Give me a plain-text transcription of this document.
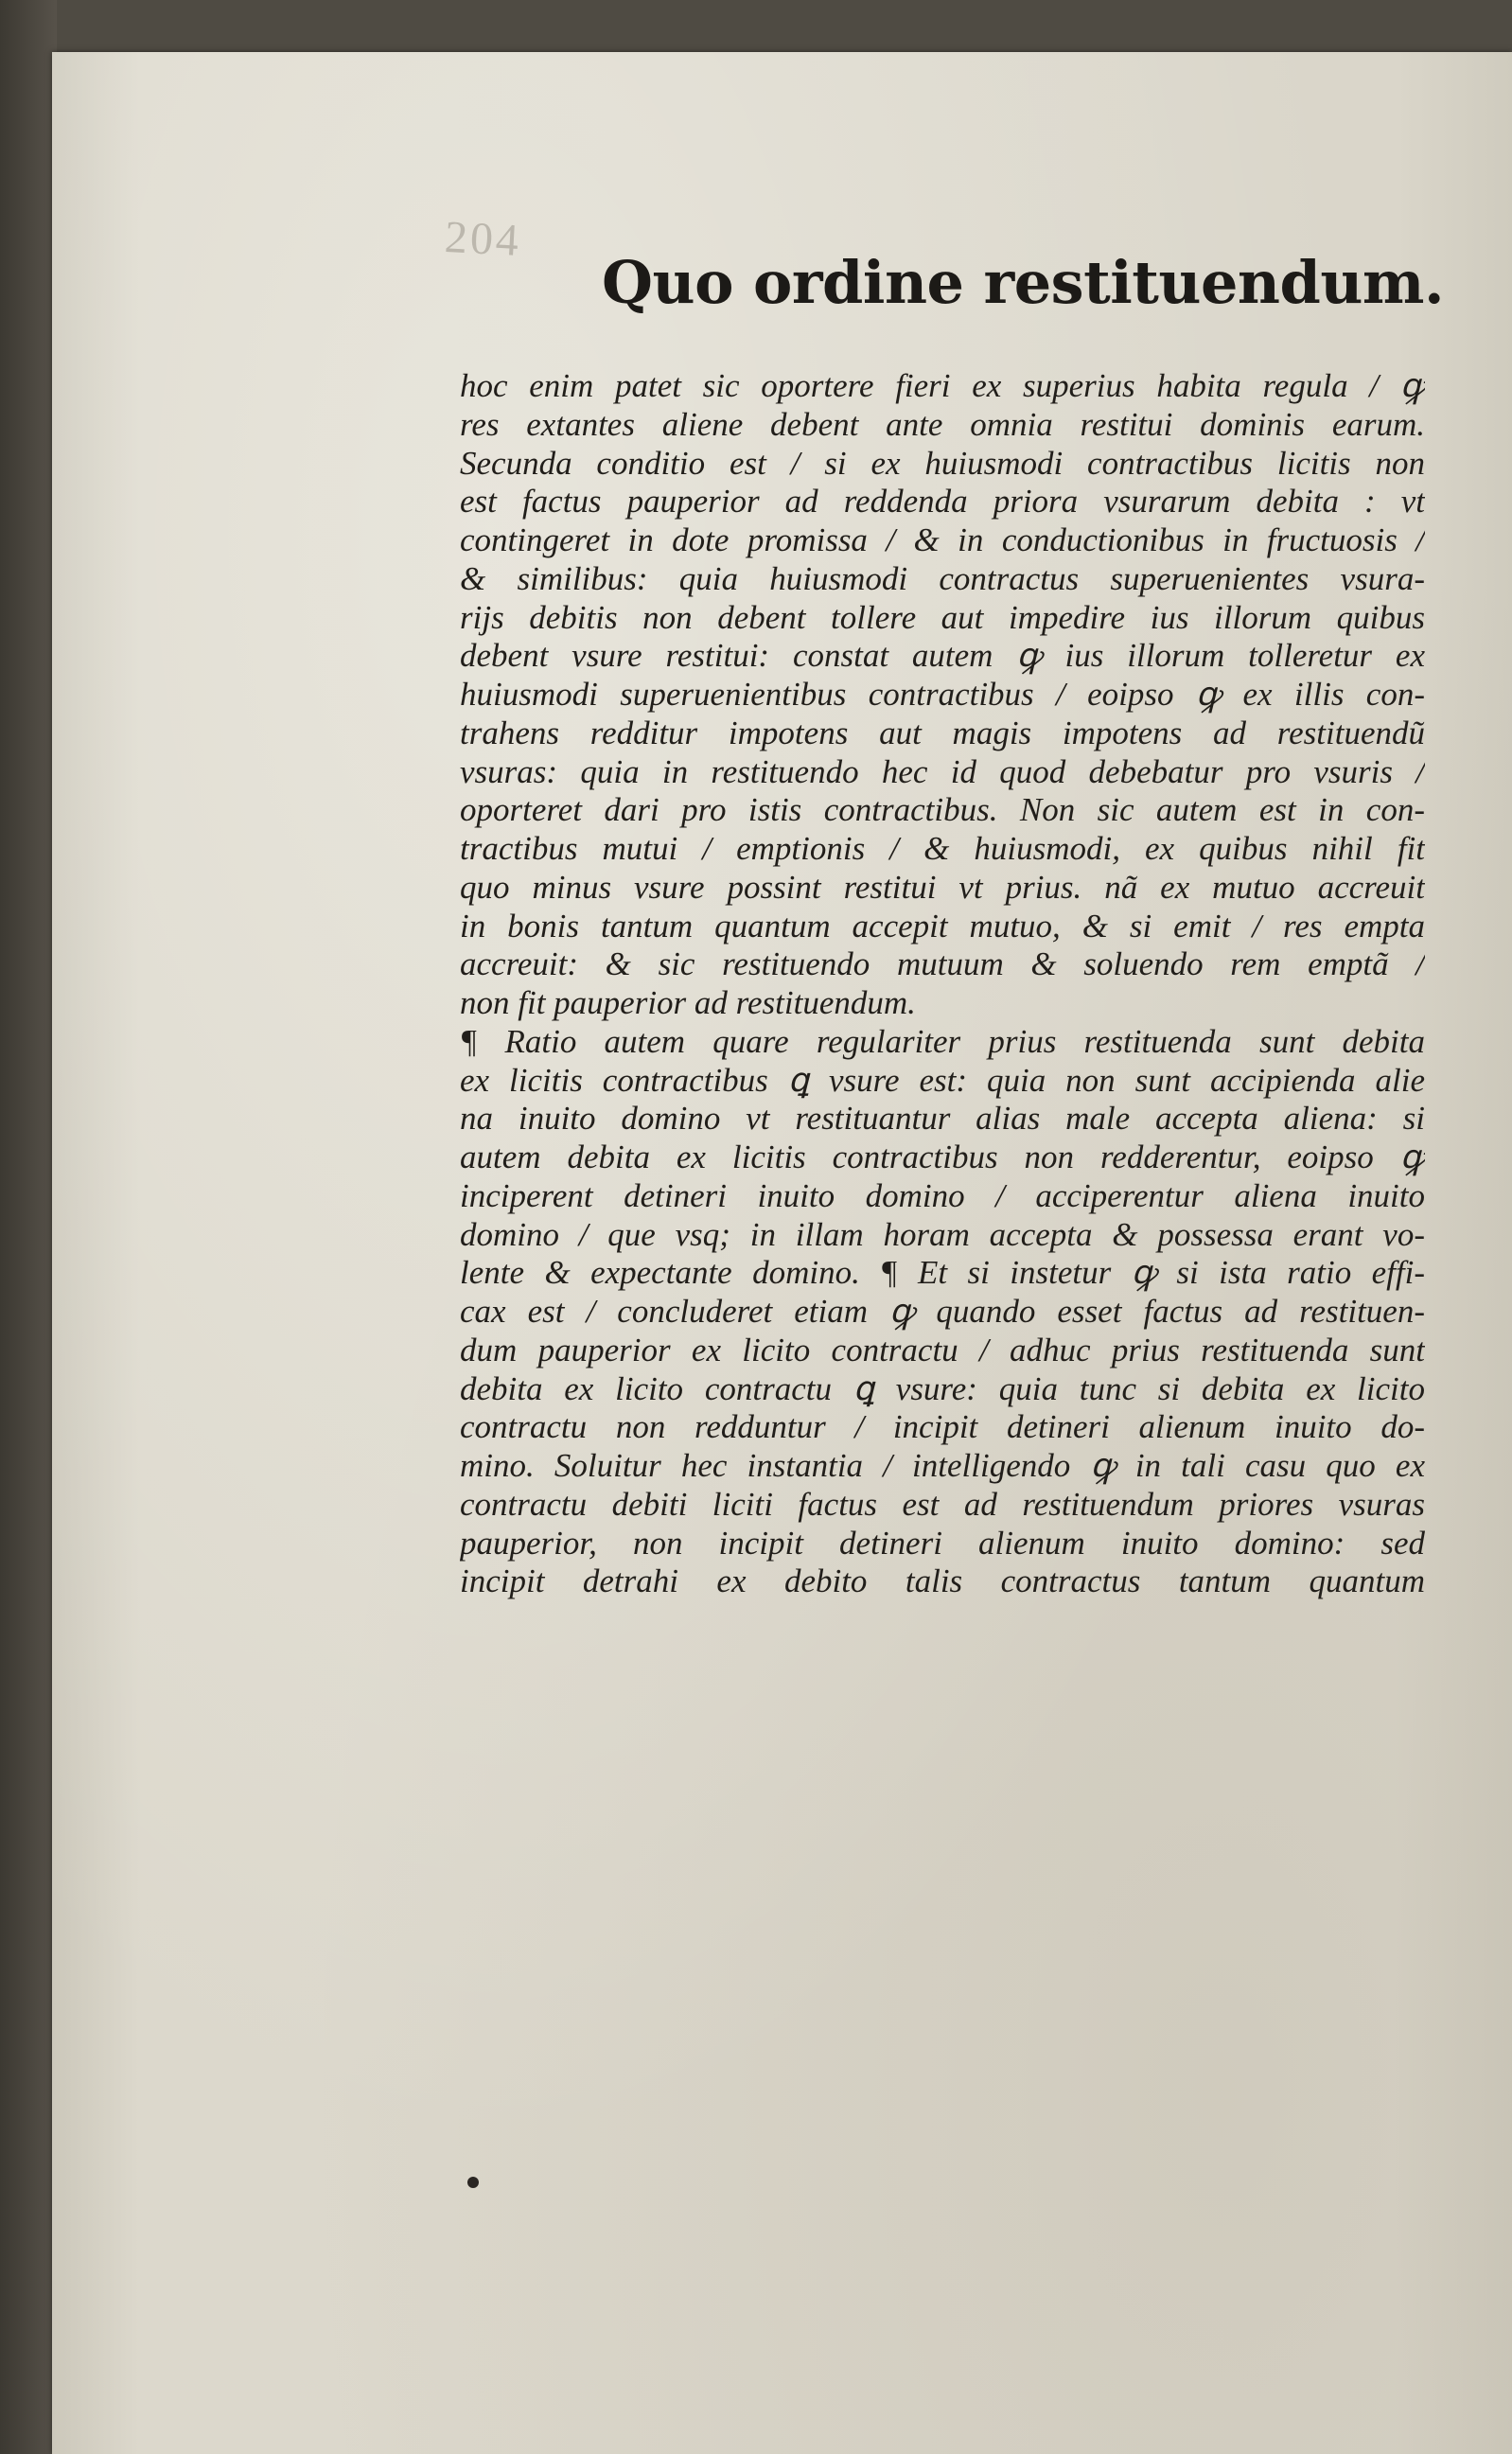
204
Quo ordine restituendum.
hoc enim patet sic oportere fieri ex superius habita regula / ꝙ
res extantes aliene debent ante omnia restitui dominis earum.
Secunda conditio est / si ex huiusmodi contractibus licitis non
est factus pauperior ad reddenda priora vsurarum debita : vt
contingeret in dote promissa / & in conductionibus in fructuosis /
& similibus: quia huiusmodi contractus superuenientes vsura-
rijs debitis non debent tollere aut impedire ius illorum quibus
debent vsure restitui: constat autem ꝙ ius illorum tolleretur ex
huiusmodi superuenientibus contractibus / eoipso ꝙ ex illis con-
trahens redditur impotens aut magis impotens ad restituendũ
vsuras: quia in restituendo hec id quod debebatur pro vsuris /
oporteret dari pro istis contractibus. Non sic autem est in con-
tractibus mutui / emptionis / & huiusmodi, ex quibus nihil fit
quo minus vsure possint restitui vt prius. nã ex mutuo accreuit
in bonis tantum quantum accepit mutuo, & si emit / res empta
accreuit: & sic restituendo mutuum & soluendo rem emptã /
non fit pauperior ad restituendum.
¶ Ratio autem quare regulariter prius restituenda sunt debita
ex licitis contractibus ꝗ vsure est: quia non sunt accipienda alie
na inuito domino vt restituantur alias male accepta aliena: si
autem debita ex licitis contractibus non redderentur, eoipso ꝙ
inciperent detineri inuito domino / acciperentur aliena inuito
domino / que vsq; in illam horam accepta & possessa erant vo-
lente & expectante domino. ¶ Et si instetur ꝙ si ista ratio effi-
cax est / concluderet etiam ꝙ quando esset factus ad restituen-
dum pauperior ex licito contractu / adhuc prius restituenda sunt
debita ex licito contractu ꝗ vsure: quia tunc si debita ex licito
contractu non redduntur / incipit detineri alienum inuito do-
mino. Soluitur hec instantia / intelligendo ꝙ in tali casu quo ex
contractu debiti liciti factus est ad restituendum priores vsuras
pauperior, non incipit detineri alienum inuito domino: sed
incipit detrahi ex debito talis contractus tantum quantum
